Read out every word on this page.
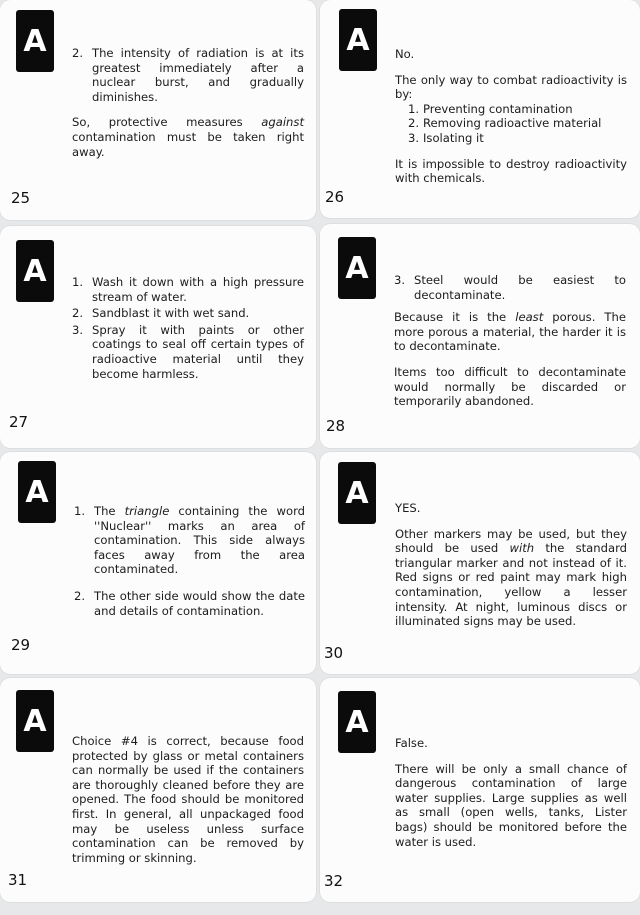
A	2. The intensity of radiation is at its greatest immediately after a nuclear burst, and gradually diminishes.

So, protective measures against contamination must be taken right away.

25
A	No.

The only way to combat radioactivity is by:

1. Preventing contamination
2. Removing radioactive material
3. Isolating it

It is impossible to destroy radioactivity with chemicals.

26
A	1. Wash it down with a high pressure stream of water.
2. Sandblast it with wet sand.
3. Spray it with paints or other coatings to seal off certain types of radioactive material until they become harmless.
27
A	3. Steel would be easiest to decontaminate.

Because it is the least porous. The more porous a material, the harder it is to decontaminate.

Items too difficult to decontaminate would normally be discarded or temporarily abandoned.

28
A
1. The triangle containing the word ''Nuclear'' marks an area of contamination. This side always faces away from the area contaminated.
2. The other side would show the date and details of contamination.
29
A	YES.

Other markers may be used, but they should be used with the standard triangular marker and not instead of it. Red signs or red paint may mark high contamination, yellow a lesser intensity. At night, luminous discs or illuminated signs may be used.

30
A

Choice #4 is correct, because food protected by glass or metal containers can normally be used if the containers are thoroughly cleaned before they are opened. The food should be monitored first. In general, all unpackaged food may be useless unless surface contamination can be removed by trimming or skinning.

31
A

False.

There will be only a small chance of dangerous contamination of large water supplies. Large supplies as well as small (open wells, tanks, Lister bags) should be monitored before the water is used.

32
